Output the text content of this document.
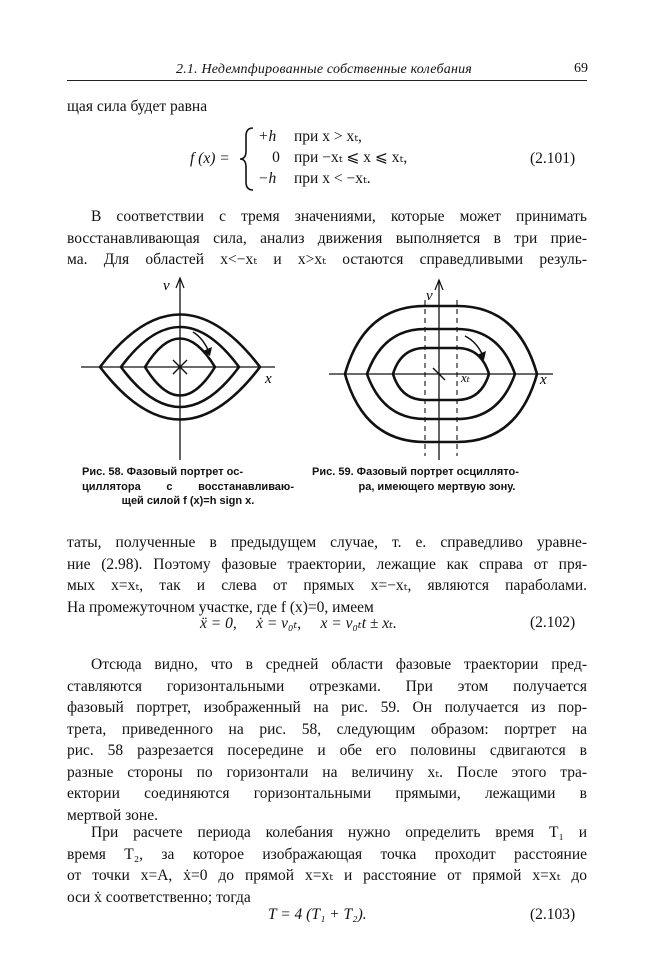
2.1. Недемпфированные собственные колебания	69
щая сила будет равна
f (x) =
+h при x > xₜ,
0 при −xₜ ⩽ x ⩽ xₜ,
−h при x < −xₜ.
(2.101)
В соответствии с тремя значениями, которые может принимать
восстанавливающая сила, анализ движения выполняется в три прие-
ма. Для областей x<−xₜ и x>xₜ остаются справедливыми резуль-
v
x
Рис. 58. Фазовый портрет ос-
циллятора с восстанавливаю-
щей силой f (x)=h sign x.
v
x
xₜ
Рис. 59. Фазовый портрет осциллято-
ра, имеющего мертвую зону.
таты, полученные в предыдущем случае, т. е. справедливо уравне-
ние (2.98). Поэтому фазовые траектории, лежащие как справа от пря-
мых x=xₜ, так и слева от прямых x=−xₜ, являются параболами.
На промежуточном участке, где f (x)=0, имеем
ẍ = 0,     ẋ = v₀ₜ,     x = v₀ₜt ± xₜ.	(2.102)
Отсюда видно, что в средней области фазовые траектории пред-
ставляются горизонтальными отрезками. При этом получается
фазовый портрет, изображенный на рис. 59. Он получается из пор-
трета, приведенного на рис. 58, следующим образом: портрет на
рис. 58 разрезается посередине и обе его половины сдвигаются в
разные стороны по горизонтали на величину xₜ. После этого тра-
ектории соединяются горизонтальными прямыми, лежащими в
мертвой зоне.
При расчете периода колебания нужно определить время T₁ и
время T₂, за которое изображающая точка проходит расстояние
от точки x=A, ẋ=0 до прямой x=xₜ и расстояние от прямой x=xₜ до
оси ẋ соответственно; тогда
T = 4 (T₁ + T₂).	(2.103)
